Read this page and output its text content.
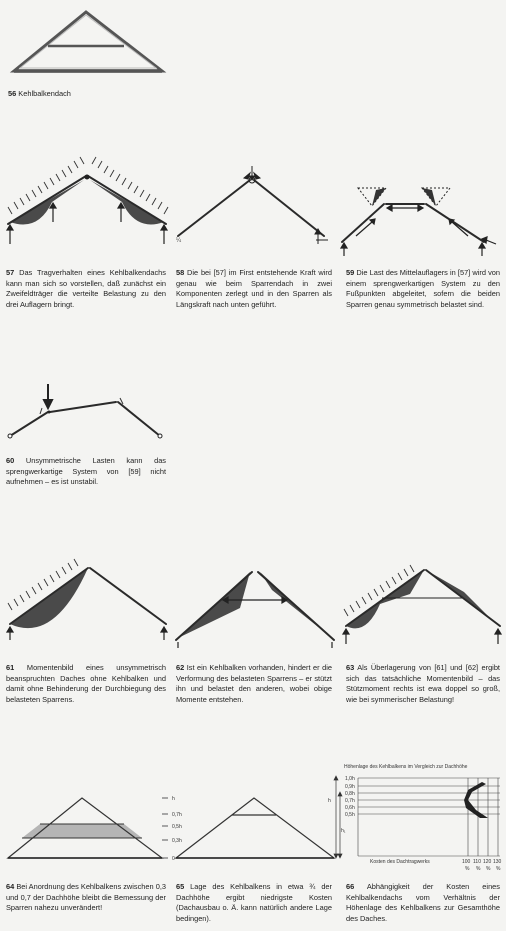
56 Kehlbalkendach
57 Das Tragverhalten eines Kehlbalkendachs kann man sich so vorstellen, daß zunächst ein Zweifeldträger die verteilte Belastung zu den drei Auflagern bringt.
¼
58 Die bei [57] im First entstehende Kraft wird genau wie beim Sparrendach in zwei Komponenten zerlegt und in den Sparren als Längskraft nach unten geführt.
59 Die Last des Mittelauflagers in [57] wird von einem sprengwerkartigen System zu den Fußpunkten abgeleitet, sofern die beiden Sparren genau symmetrisch belastet sind.
60 Unsymmetrische Lasten kann das sprengwerkartige System von [59] nicht aufnehmen – es ist unstabil.
61 Momentenbild eines unsymmetrisch beanspruchten Daches ohne Kehlbalken und damit ohne Behinderung der Durchbiegung des belasteten Sparrens.
62 Ist ein Kehlbalken vorhanden, hindert er die Verformung des belasteten Sparrens – er stützt ihn und belastet den anderen, wobei obige Momente entstehen.
63 Als Überlagerung von [61] und [62] ergibt sich das tatsächliche Momentenbild – das Stützmoment rechts ist ewa doppel so groß, wie bei symmerischer Belastung!
h
0,7h
0,5h
0,3h
0
64 Bei Anordnung des Kehlbalkens zwischen 0,3 und 0,7 der Dachhöhe bleibt die Bemessung der Sparren nahezu unverändert!
65 Lage des Kehlbalkens in etwa ¾ der Dachhöhe ergibt niedrigste Kosten (Dachausbau o. Ä. kann natürlich andere Lage bedingen).
Höhenlage des Kehlbalkens im Vergleich zur Dachhöhe
1,0h
0,9h
0,8h
0,7h
0,6h
0,5h
h
h₁
Kosten des Dachtragwerks	100 110 120 130
% % % %
66 Abhängigkeit der Kosten eines Kehlbalkendachs vom Verhältnis der Höhenlage des Kehlbalkens zur Gesamthöhe des Daches.
